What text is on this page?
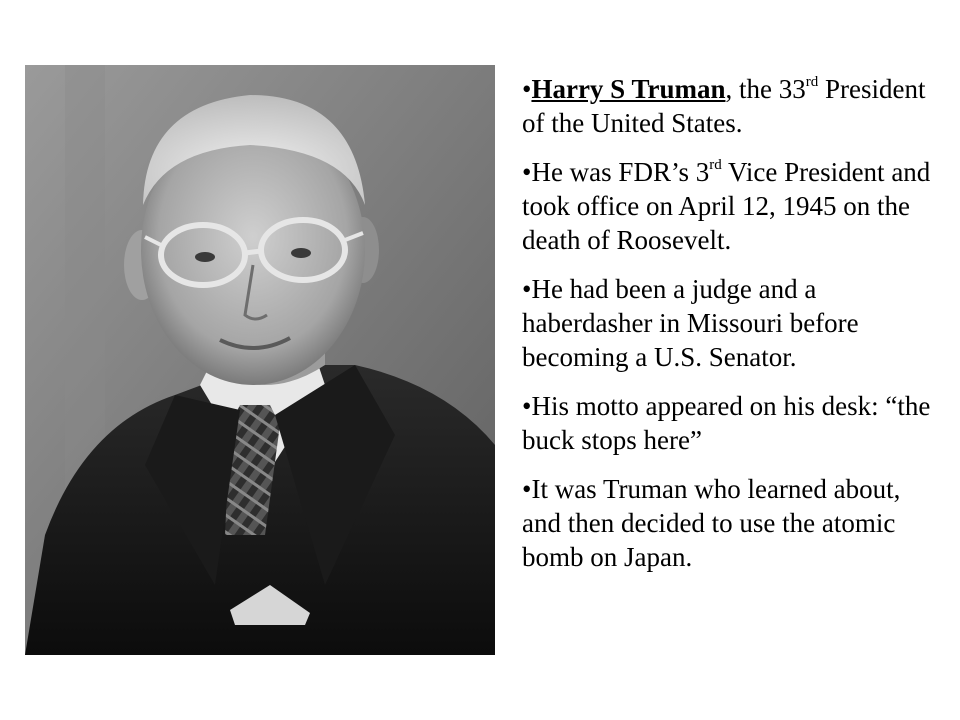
•Harry S Truman, the 33rd President of the United States.
•He was FDR’s 3rd Vice President and took office on April 12, 1945 on the death of Roosevelt.
•He had been a judge and a haberdasher in Missouri before becoming a U.S. Senator.
•His motto appeared on his desk: “the buck stops here”
•It was Truman who learned about, and then decided to use the atomic bomb on Japan.
